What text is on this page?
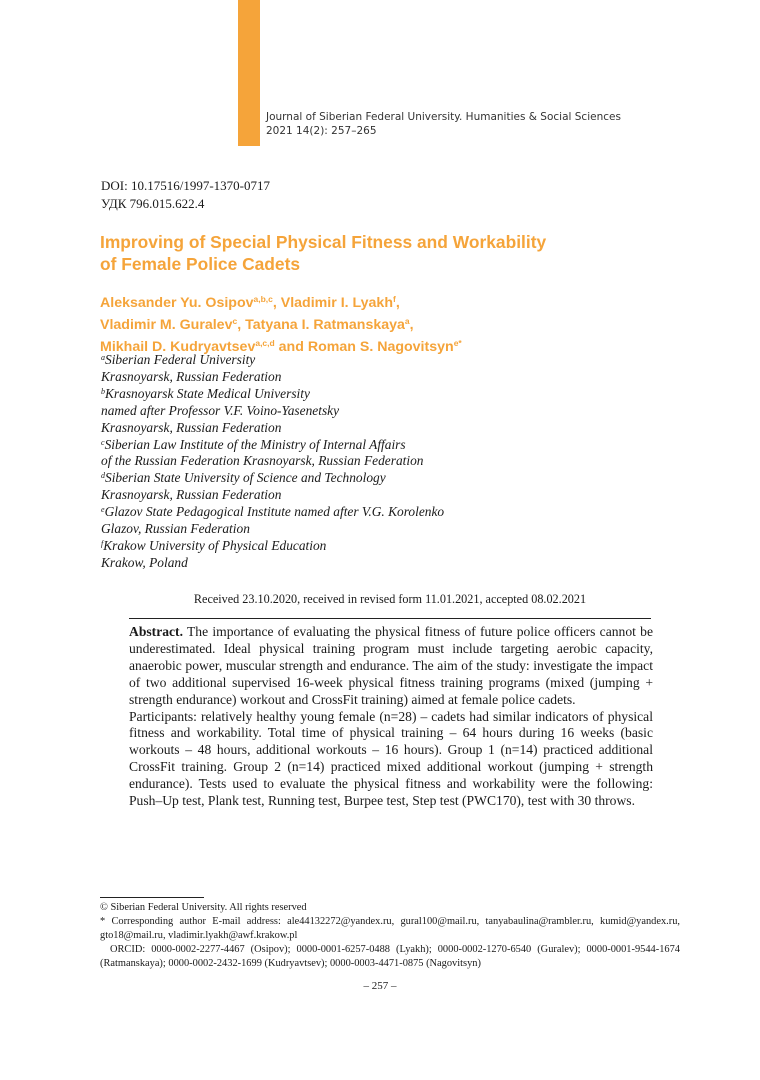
Journal of Siberian Federal University. Humanities & Social Sciences
2021 14(2): 257–265
DOI: 10.17516/1997-1370-0717
УДК 796.015.622.4
Improving of Special Physical Fitness and Workability
of Female Police Cadets
Aleksander Yu. Osipov$^{a,b,c}$, Vladimir I. Lyakh$^f$,
Vladimir M. Guralev$^c$, Tatyana I. Ratmanskaya$^a$,
Mikhail D. Kudryavtsev$^{a,c,d}$ and Roman S. Nagovitsyn$^{e*}$
$^a$Siberian Federal University
Krasnoyarsk, Russian Federation
$^b$Krasnoyarsk State Medical University
named after Professor V.F. Voino-Yasenetsky
Krasnoyarsk, Russian Federation
$^c$Siberian Law Institute of the Ministry of Internal Affairs
of the Russian Federation Krasnoyarsk, Russian Federation
$^d$Siberian State University of Science and Technology
Krasnoyarsk, Russian Federation
$^e$Glazov State Pedagogical Institute named after V.G. Korolenko
Glazov, Russian Federation
$^f$Krakow University of Physical Education
Krakow, Poland
Received 23.10.2020, received in revised form 11.01.2021, accepted 08.02.2021

Abstract. The importance of evaluating the physical fitness of future police officers cannot be underestimated. Ideal physical training program must include targeting aerobic capacity, anaerobic power, muscular strength and endurance. The aim of the study: investigate the impact of two additional supervised 16-week physical fitness training programs (mixed (jumping + strength endurance) workout and CrossFit training) aimed at female police cadets.

Participants: relatively healthy young female (n=28) – cadets had similar indicators of physical fitness and workability. Total time of physical training – 64 hours during 16 weeks (basic workouts – 48 hours, additional workouts – 16 hours). Group 1 (n=14) practiced additional CrossFit training. Group 2 (n=14) practiced mixed additional workout (jumping + strength endurance). Tests used to evaluate the physical fitness and workability were the following: Push–Up test, Plank test, Running test, Burpee test, Step test (PWC170), test with 30 throws.

© Siberian Federal University. All rights reserved

* Corresponding author E-mail address: ale44132272@yandex.ru, gural100@mail.ru, tanyabaulina@rambler.ru, kumid@yandex.ru, gto18@mail.ru, vladimir.lyakh@awf.krakow.pl

ORCID: 0000-0002-2277-4467 (Osipov); 0000-0001-6257-0488 (Lyakh); 0000-0002-1270-6540 (Guralev); 0000-0001-9544-1674 (Ratmanskaya); 0000-0002-2432-1699 (Kudryavtsev); 0000-0003-4471-0875 (Nagovitsyn)

– 257 –
